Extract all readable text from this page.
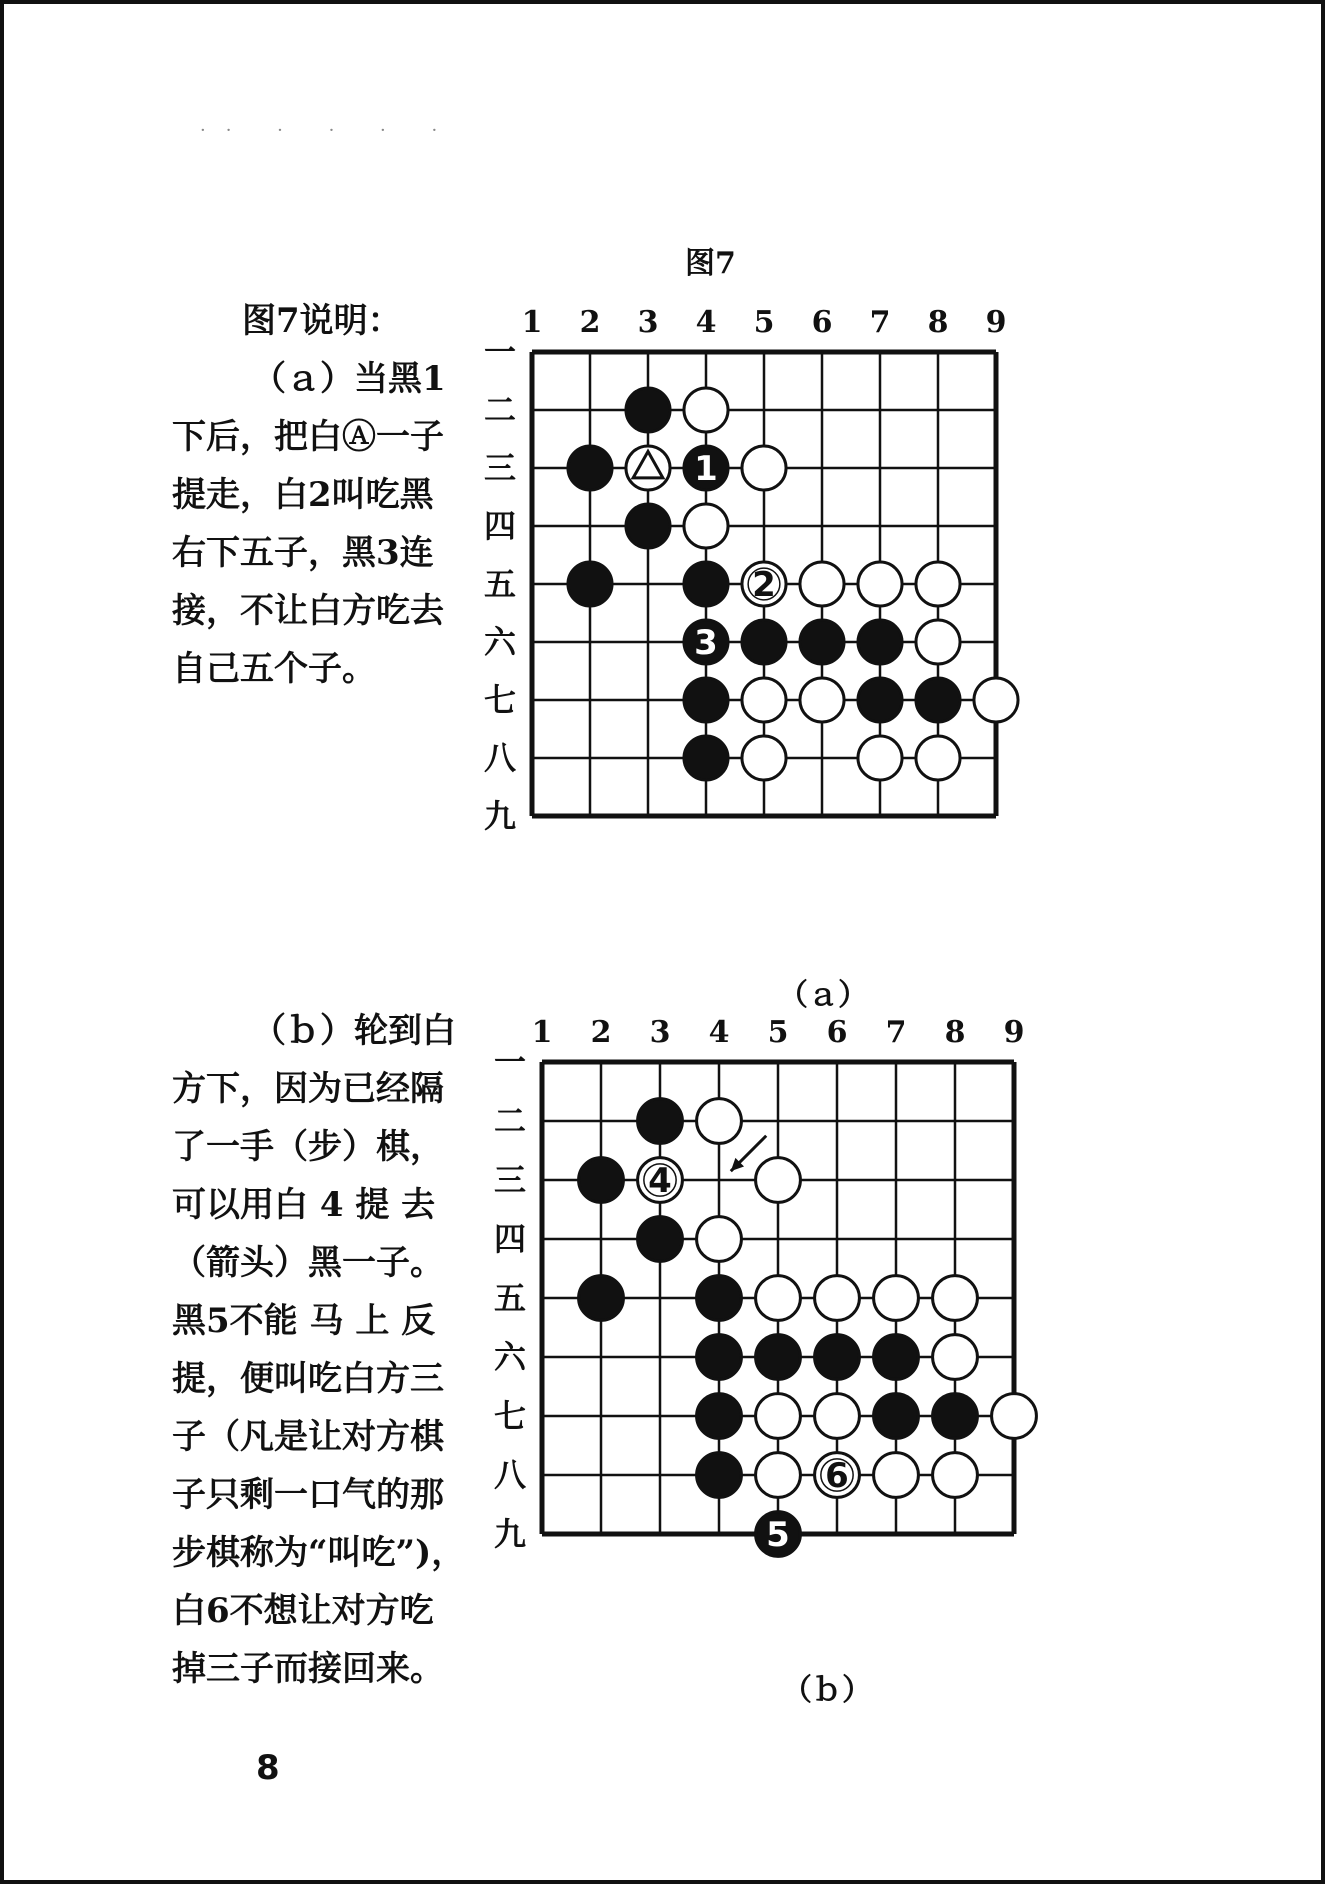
·· · · · ·
图7
图7说明：
（ａ）当黑1
下后，把白Ⓐ一子
提走，白2叫吃黑
右下五子，黑3连
接，不让白方吃去
自己五个子。
1 2 3 4 5 6 7 8 9
一
二
三
四
五
六
七
八
九
1
2
3
（ａ）
（ｂ）轮到白
方下，因为已经隔
了一手（步）棋，
可以用白 4 提 去
（箭头）黑一子。
黑5不能 马 上 反
提，便叫吃白方三
子（凡是让对方棋
子只剩一口气的那
步棋称为“叫吃”)，
白6不想让对方吃
掉三子而接回来。
1 2 3 4 5 6 7 8 9
一
二
三
四
五
六
七
八
九
4
6
5
（ｂ）
8
